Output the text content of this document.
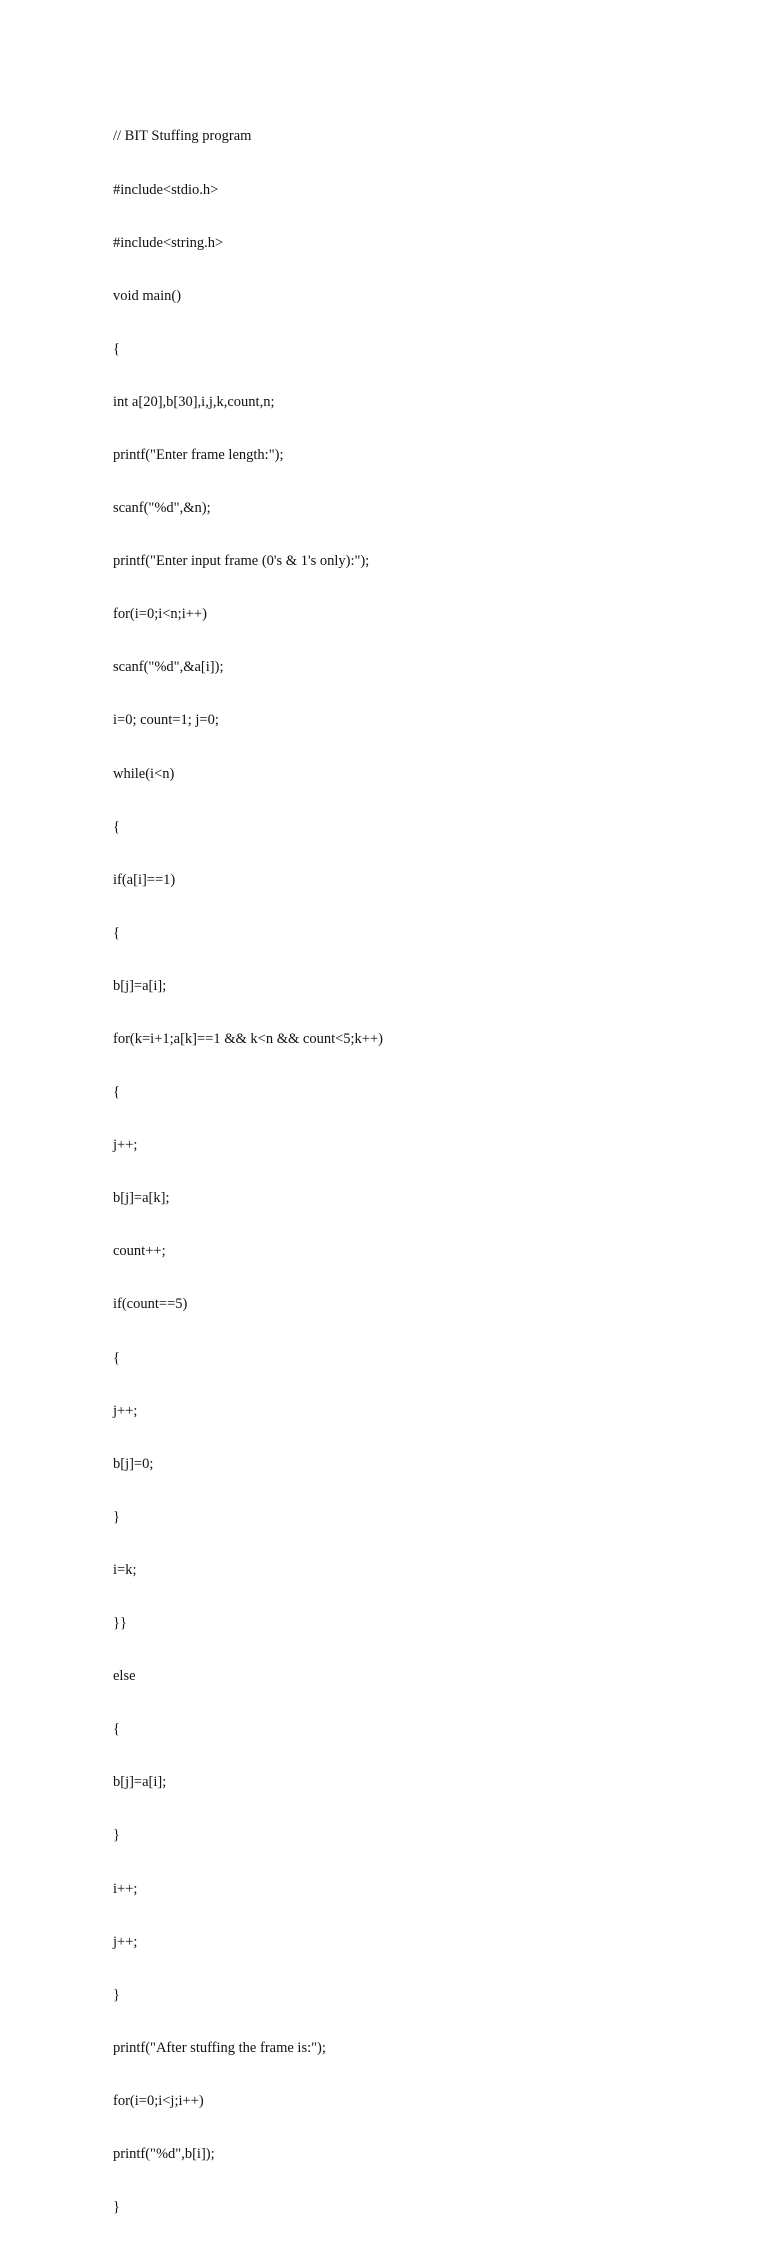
// BIT Stuffing program

#include<stdio.h>

#include<string.h>

void main()

{

int a[20],b[30],i,j,k,count,n;

printf("Enter frame length:");

scanf("%d",&n);

printf("Enter input frame (0's & 1's only):");

for(i=0;i<n;i++)

scanf("%d",&a[i]);

i=0; count=1; j=0;

while(i<n)

{

if(a[i]==1)

{

b[j]=a[i];

for(k=i+1;a[k]==1 && k<n && count<5;k++)

{

j++;

b[j]=a[k];

count++;

if(count==5)

{

j++;

b[j]=0;

}

i=k;

}}

else

{

b[j]=a[i];

}

i++;

j++;

}

printf("After stuffing the frame is:");

for(i=0;i<j;i++)

printf("%d",b[i]);

}
